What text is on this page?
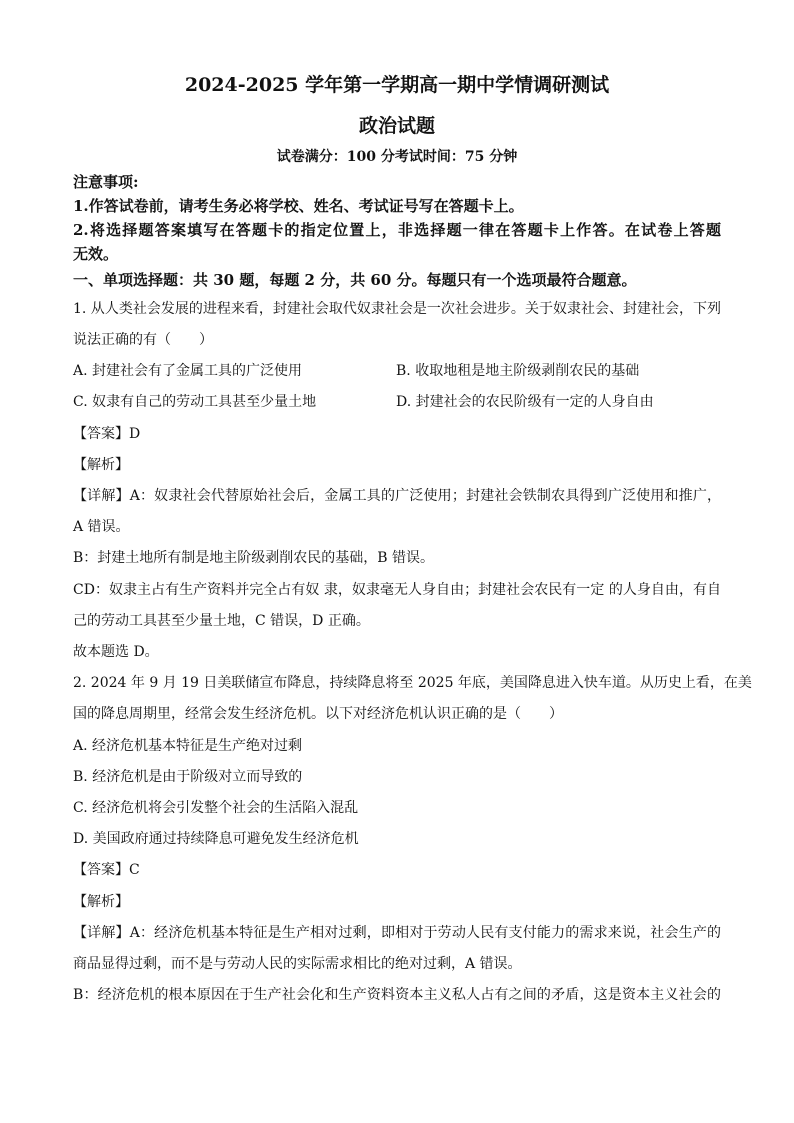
2024-2025 学年第一学期高一期中学情调研测试
政治试题
试卷满分：100 分考试时间：75 分钟
注意事项:
1.作答试卷前，请考生务必将学校、姓名、考试证号写在答题卡上。
2.将选择题答案填写在答题卡的指定位置上，非选择题一律在答题卡上作答。在试卷上答题
无效。
一、单项选择题：共 30 题，每题 2 分，共 60 分。每题只有一个选项最符合题意。
1. 从人类社会发展的进程来看，封建社会取代奴隶社会是一次社会进步。关于奴隶社会、封建社会，下列
说法正确的有（　　）
A. 封建社会有了金属工具的广泛使用	B. 收取地租是地主阶级剥削农民的基础
C. 奴隶有自己的劳动工具甚至少量土地	D. 封建社会的农民阶级有一定的人身自由
【答案】D
【解析】
【详解】A：奴隶社会代替原始社会后，金属工具的广泛使用；封建社会铁制农具得到广泛使用和推广，
A 错误。
B：封建土地所有制是地主阶级剥削农民的基础，B 错误。
CD：奴隶主占有生产资料并完全占有奴 隶，奴隶毫无人身自由；封建社会农民有一定 的人身自由，有自
己的劳动工具甚至少量土地，C 错误，D 正确。
故本题选 D。
2. 2024 年 9 月 19 日美联储宣布降息，持续降息将至 2025 年底，美国降息进入快车道。从历史上看，在美
国的降息周期里，经常会发生经济危机。以下对经济危机认识正确的是（　　）
A. 经济危机基本特征是生产绝对过剩
B. 经济危机是由于阶级对立而导致的
C. 经济危机将会引发整个社会的生活陷入混乱
D. 美国政府通过持续降息可避免发生经济危机
【答案】C
【解析】
【详解】A：经济危机基本特征是生产相对过剩，即相对于劳动人民有支付能力的需求来说，社会生产的
商品显得过剩，而不是与劳动人民的实际需求相比的绝对过剩，A 错误。
B：经济危机的根本原因在于生产社会化和生产资料资本主义私人占有之间的矛盾，这是资本主义社会的
